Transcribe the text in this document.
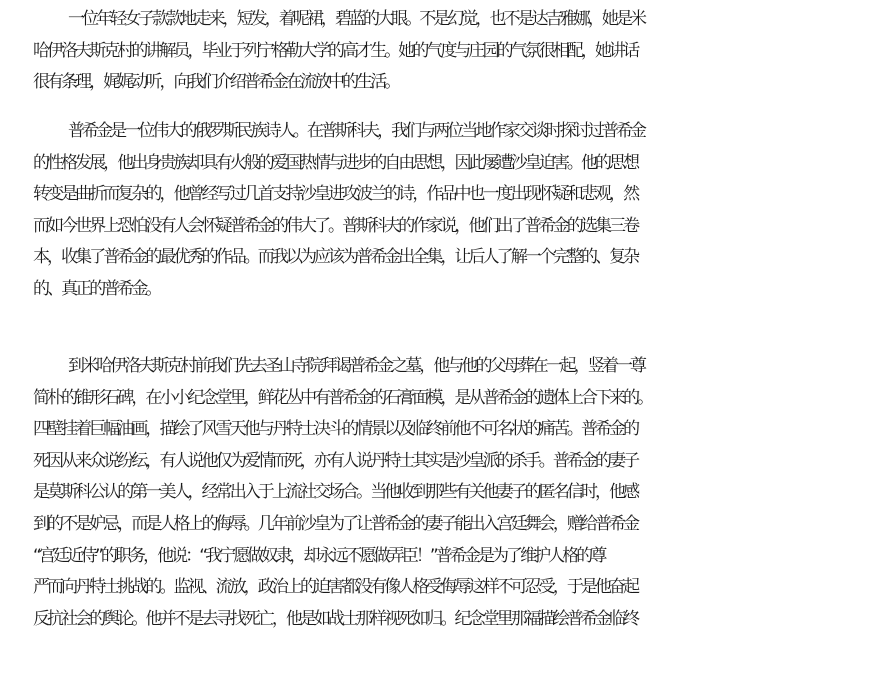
一位年轻女子款款地走来，短发，着呢裙，碧蓝的大眼。不是幻觉，也不是达吉雅娜，她是米
哈伊洛夫斯克村的讲解员，毕业于列宁格勒大学的高才生。她的气度与庄园的气氛很相配，她讲话
很有条理，娓娓动听，向我们介绍普希金在流放中的生活。
普希金是一位伟大的俄罗斯民族诗人。在普斯科夫，我们与两位当地作家交谈时探讨过普希金
的性格发展，他出身贵族却具有火般的爱国热情与进步的自由思想，因此屡遭沙皇迫害。他的思想
转变是曲折而复杂的，他曾经写过几首支持沙皇进攻波兰的诗，作品中也一度出现怀疑和悲观，然
而如今世界上恐怕没有人会怀疑普希金的伟大了。普斯科夫的作家说，他们出了普希金的选集三卷
本，收集了普希金的最优秀的作品。而我以为应该为普希金出全集，让后人了解一个完整的、复杂
的、真正的普希金。
到米哈伊洛夫斯克村前我们先去圣山寺院拜谒普希金之墓，他与他的父母葬在一起，竖着一尊
简朴的锥形石碑，在小小纪念堂里，鲜花丛中有普希金的石膏面模，是从普希金的遗体上合下来的。
四壁挂着巨幅油画，描绘了风雪天他与丹特士决斗的情景以及临终前他不可名状的痛苦。普希金的
死因从来众说纷纭，有人说他仅为爱情而死，亦有人说丹特士其实是沙皇派的杀手。普希金的妻子
是莫斯科公认的第一美人，经常出入于上流社交场合。当他收到那些有关他妻子的匿名信时，他感
到的不是妒忌，而是人格上的侮辱。几年前沙皇为了让普希金的妻子能出入宫廷舞会，赠给普希金
“宫廷近侍”的职务，他说：“我宁愿做奴隶，却永远不愿做弄臣！”普希金是为了维护人格的尊
严而向丹特士挑战的。监视、流放，政治上的迫害都没有像人格受侮辱这样不可忍受，于是他奋起
反抗社会的舆论。他并不是去寻找死亡，他是如战士那样视死如归。纪念堂里那福描绘普希金临终
